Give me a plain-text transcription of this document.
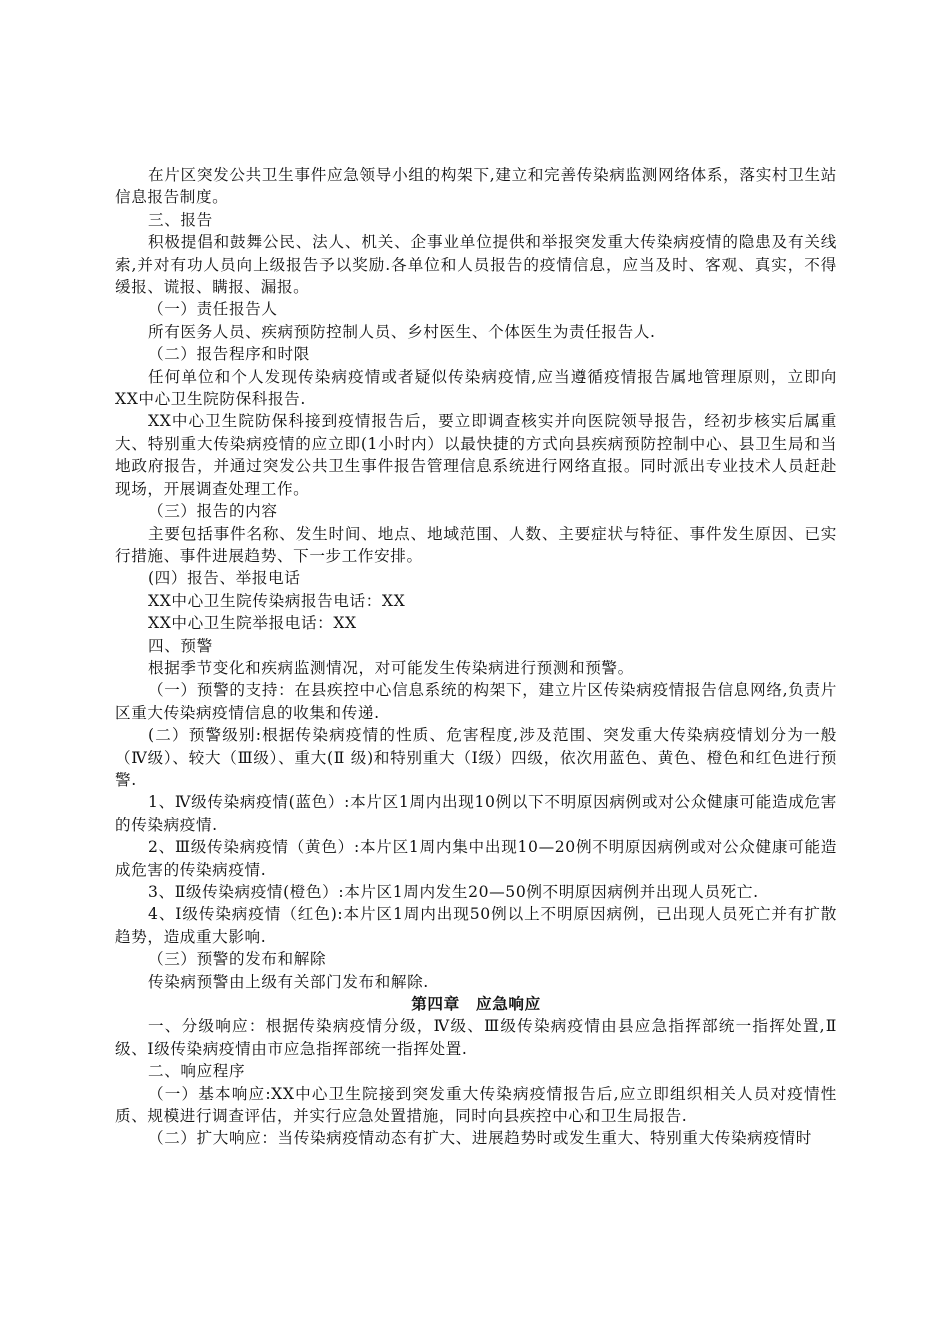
在片区突发公共卫生事件应急领导小组的构架下,建立和完善传染病监测网络体系，落实村卫生站信息报告制度。

三、报告

积极提倡和鼓舞公民、法人、机关、企事业单位提供和举报突发重大传染病疫情的隐患及有关线索,并对有功人员向上级报告予以奖励.各单位和人员报告的疫情信息，应当及时、客观、真实，不得缓报、谎报、瞒报、漏报。

（一）责任报告人

所有医务人员、疾病预防控制人员、乡村医生、个体医生为责任报告人.

（二）报告程序和时限

任何单位和个人发现传染病疫情或者疑似传染病疫情,应当遵循疫情报告属地管理原则，立即向XX中心卫生院防保科报告.

XX中心卫生院防保科接到疫情报告后，要立即调查核实并向医院领导报告，经初步核实后属重大、特别重大传染病疫情的应立即(1小时内）以最快捷的方式向县疾病预防控制中心、县卫生局和当地政府报告，并通过突发公共卫生事件报告管理信息系统进行网络直报。同时派出专业技术人员赶赴现场，开展调查处理工作。

（三）报告的内容

主要包括事件名称、发生时间、地点、地域范围、人数、主要症状与特征、事件发生原因、已实行措施、事件进展趋势、下一步工作安排。

(四）报告、举报电话

XX中心卫生院传染病报告电话：XX

XX中心卫生院举报电话：XX

四、预警

根据季节变化和疾病监测情况，对可能发生传染病进行预测和预警。

（一）预警的支持：在县疾控中心信息系统的构架下，建立片区传染病疫情报告信息网络,负责片区重大传染病疫情信息的收集和传递.

(二）预警级别:根据传染病疫情的性质、危害程度,涉及范围、突发重大传染病疫情划分为一般（Ⅳ级）、较大（Ⅲ级）、重大(Ⅱ 级)和特别重大（Ⅰ级）四级，依次用蓝色、黄色、橙色和红色进行预警.

1、Ⅳ级传染病疫情(蓝色）:本片区1周内出现10例以下不明原因病例或对公众健康可能造成危害的传染病疫情.

2、Ⅲ级传染病疫情（黄色）:本片区1周内集中出现10—20例不明原因病例或对公众健康可能造成危害的传染病疫情.

3、Ⅱ级传染病疫情(橙色）:本片区1周内发生20—50例不明原因病例并出现人员死亡.

4、Ⅰ级传染病疫情（红色):本片区1周内出现50例以上不明原因病例，已出现人员死亡并有扩散趋势，造成重大影响.

（三）预警的发布和解除

传染病预警由上级有关部门发布和解除.

第四章　应急响应

一、分级响应：根据传染病疫情分级，Ⅳ级、Ⅲ级传染病疫情由县应急指挥部统一指挥处置,Ⅱ级、Ⅰ级传染病疫情由市应急指挥部统一指挥处置.

二、响应程序

（一）基本响应:XX中心卫生院接到突发重大传染病疫情报告后,应立即组织相关人员对疫情性质、规模进行调查评估，并实行应急处置措施，同时向县疾控中心和卫生局报告.

（二）扩大响应：当传染病疫情动态有扩大、进展趋势时或发生重大、特别重大传染病疫情时
